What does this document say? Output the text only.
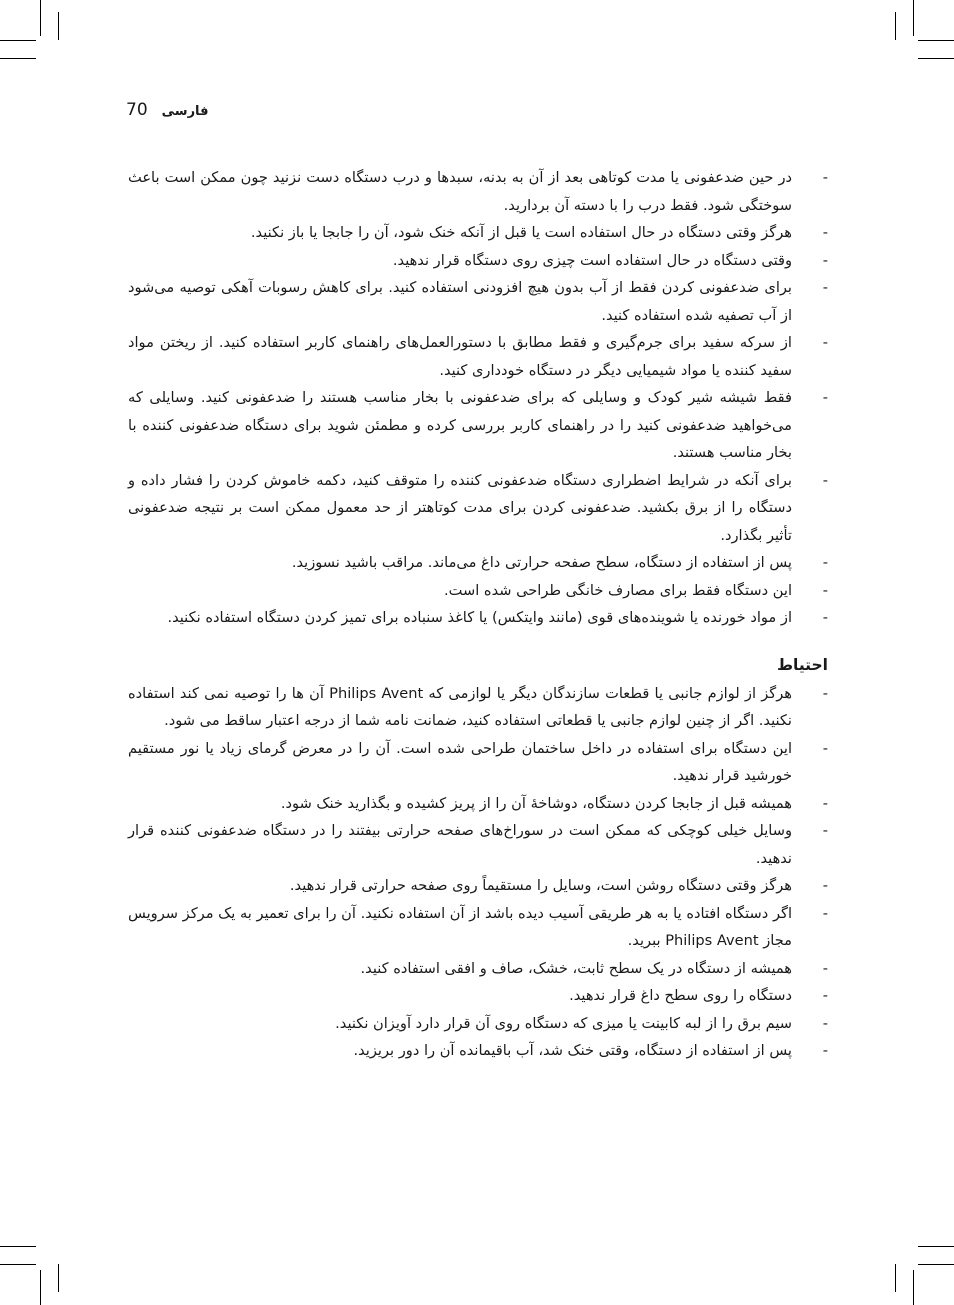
70 فارسی
-
در حین ضدعفونی یا مدت کوتاهی بعد از آن به بدنه، سبدها و درب دستگاه دست نزنید چون ممکن است باعث سوختگی شود. فقط درب را با دسته آن بردارید.
-
هرگز وقتی دستگاه در حال استفاده است یا قبل از آنکه خنک شود، آن را جابجا یا باز نکنید.
-
وقتی دستگاه در حال استفاده است چیزی روی دستگاه قرار ندهید.
-
برای ضدعفونی کردن فقط از آب بدون هیچ افزودنی استفاده کنید. برای کاهش رسوبات آهکی توصیه می‌شود از آب تصفیه شده استفاده کنید.
-
از سرکه سفید برای جرم‌گیری و فقط مطابق با دستورالعمل‌های راهنمای کاربر استفاده کنید. از ریختن مواد سفید کننده یا مواد شیمیایی دیگر در دستگاه خودداری کنید.
-
فقط شیشه شیر کودک و وسایلی که برای ضدعفونی با بخار مناسب هستند را ضدعفونی کنید. وسایلی که می‌خواهید ضدعفونی کنید را در راهنمای کاربر بررسی کرده و مطمئن شوید برای دستگاه ضدعفونی کننده با بخار مناسب هستند.
-
برای آنکه در شرایط اضطراری دستگاه ضدعفونی کننده را متوقف کنید، دکمه خاموش کردن را فشار داده و دستگاه را از برق بکشید. ضدعفونی کردن برای مدت کوتاهتر از حد معمول ممکن است بر نتیجه ضدعفونی تأثیر بگذارد.
-
پس از استفاده از دستگاه، سطح صفحه حرارتی داغ می‌ماند. مراقب باشید نسوزید.
-
این دستگاه فقط برای مصارف خانگی طراحی شده است.
-
از مواد خورنده یا شوینده‌های قوی (مانند وایتکس) یا کاغذ سنباده برای تمیز کردن دستگاه استفاده نکنید.
احتیاط
-
هرگز از لوازم جانبی یا قطعات سازندگان دیگر یا لوازمی که Philips Avent آن ها را توصیه نمی کند استفاده نکنید. اگر از چنین لوازم جانبی یا قطعاتی استفاده کنید، ضمانت نامه شما از درجه اعتبار ساقط می شود.
-
این دستگاه برای استفاده در داخل ساختمان طراحی شده است. آن را در معرض گرمای زیاد یا نور مستقیم خورشید قرار ندهید.
-
همیشه قبل از جابجا کردن دستگاه، دوشاخهٔ آن را از پریز کشیده و بگذارید خنک شود.
-
وسایل خیلی کوچکی که ممکن است در سوراخ‌های صفحه حرارتی بیفتند را در دستگاه ضدعفونی کننده قرار ندهید.
-
هرگز وقتی دستگاه روشن است، وسایل را مستقیماً روی صفحه حرارتی قرار ندهید.
-
اگر دستگاه افتاده یا به هر طریقی آسیب دیده باشد از آن استفاده نکنید. آن را برای تعمیر به یک مرکز سرویس مجاز Philips Avent ببرید.
-
همیشه از دستگاه در یک سطح ثابت، خشک، صاف و افقی استفاده کنید.
-
دستگاه را روی سطح داغ قرار ندهید.
-
سیم برق را از لبه کابینت یا میزی که دستگاه روی آن قرار دارد آویزان نکنید.
-
پس از استفاده از دستگاه، وقتی خنک شد، آب باقیمانده آن را دور بریزید.
